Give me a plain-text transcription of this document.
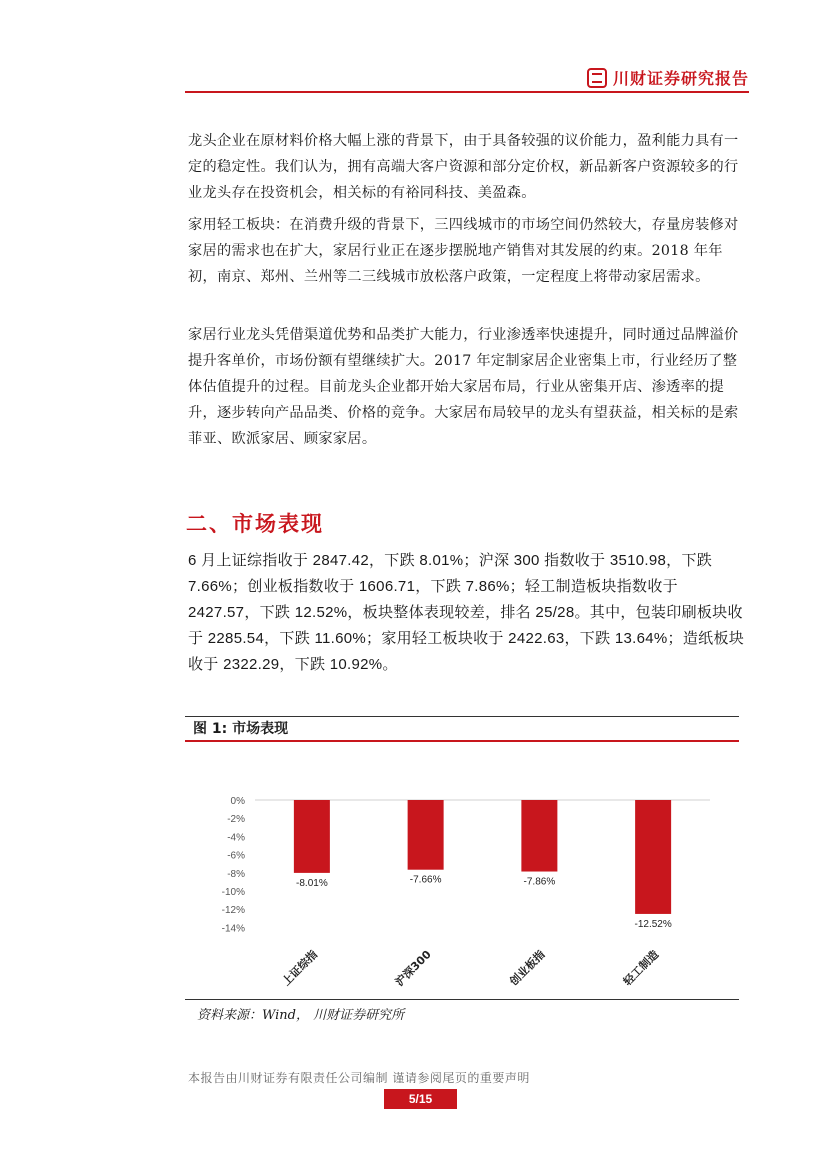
川财证券研究报告
龙头企业在原材料价格大幅上涨的背景下，由于具备较强的议价能力，盈利能力具有一定的稳定性。我们认为，拥有高端大客户资源和部分定价权，新品新客户资源较多的行业龙头存在投资机会，相关标的有裕同科技、美盈森。
家用轻工板块：在消费升级的背景下，三四线城市的市场空间仍然较大，存量房装修对家居的需求也在扩大，家居行业正在逐步摆脱地产销售对其发展的约束。2018 年年初，南京、郑州、兰州等二三线城市放松落户政策，一定程度上将带动家居需求。
家居行业龙头凭借渠道优势和品类扩大能力，行业渗透率快速提升，同时通过品牌溢价提升客单价，市场份额有望继续扩大。2017 年定制家居企业密集上市，行业经历了整体估值提升的过程。目前龙头企业都开始大家居布局，行业从密集开店、渗透率的提升，逐步转向产品品类、价格的竞争。大家居布局较早的龙头有望获益，相关标的是索菲亚、欧派家居、顾家家居。
二、市场表现
6 月上证综指收于 2847.42，下跌 8.01%；沪深 300 指数收于 3510.98，下跌 7.66%；创业板指数收于 1606.71，下跌 7.86%；轻工制造板块指数收于 2427.57，下跌 12.52%，板块整体表现较差，排名 25/28。其中，包装印刷板块收于 2285.54，下跌 11.60%；家用轻工板块收于 2422.63，下跌 13.64%；造纸板块收于 2322.29，下跌 10.92%。
图 1: 市场表现
0%
-2%
-4%
-6%
-8%
-10%
-12%
-14%
-8.01%	-7.66%	-7.86%
-12.52%
上证综指	沪深300	创业板指	轻工制造
资料来源：Wind， 川财证券研究所
本报告由川财证券有限责任公司编制 谨请参阅尾页的重要声明
5/15
